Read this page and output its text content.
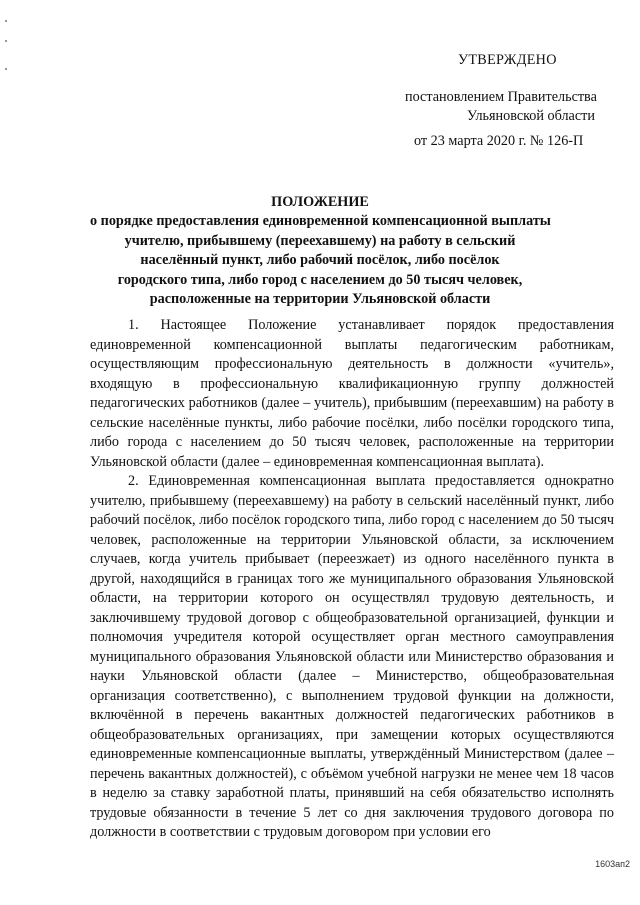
УТВЕРЖДЕНО
постановлением Правительства
Ульяновской области
от 23 марта 2020 г. № 126-П
ПОЛОЖЕНИЕ
о порядке предоставления единовременной компенсационной выплаты
учителю, прибывшему (переехавшему) на работу в сельский
населённый пункт, либо рабочий посёлок, либо посёлок
городского типа, либо город с населением до 50 тысяч человек,
расположенные на территории Ульяновской области

1. Настоящее Положение устанавливает порядок предоставления единовременной компенсационной выплаты педагогическим работникам, осуществляющим профессиональную деятельность в должности «учитель», входящую в профессиональную квалификационную группу должностей педагогических работников (далее – учитель), прибывшим (переехавшим) на работу в сельские населённые пункты, либо рабочие посёлки, либо посёлки городского типа, либо города с населением до 50 тысяч человек, расположенные на территории Ульяновской области (далее – единовременная компенсационная выплата).

2. Единовременная компенсационная выплата предоставляется однократно учителю, прибывшему (переехавшему) на работу в сельский населённый пункт, либо рабочий посёлок, либо посёлок городского типа, либо город с населением до 50 тысяч человек, расположенные на территории Ульяновской области, за исключением случаев, когда учитель прибывает (переезжает) из одного населённого пункта в другой, находящийся в границах того же муниципального образования Ульяновской области, на территории которого он осуществлял трудовую деятельность, и заключившему трудовой договор с общеобразовательной организацией, функции и полномочия учредителя которой осуществляет орган местного самоуправления муниципального образования Ульяновской области или Министерство образования и науки Ульяновской области (далее – Министерство, общеобразовательная организация соответственно), с выполнением трудовой функции на должности, включённой в перечень вакантных должностей педагогических работников в общеобразовательных организациях, при замещении которых осуществляются единовременные компенсационные выплаты, утверждённый Министерством (далее – перечень вакантных должностей), с объёмом учебной нагрузки не менее чем 18 часов в неделю за ставку заработной платы, принявший на себя обязательство исполнять трудовые обязанности в течение 5 лет со дня заключения трудового договора по должности в соответствии с трудовым договором при условии его

1603ап2
